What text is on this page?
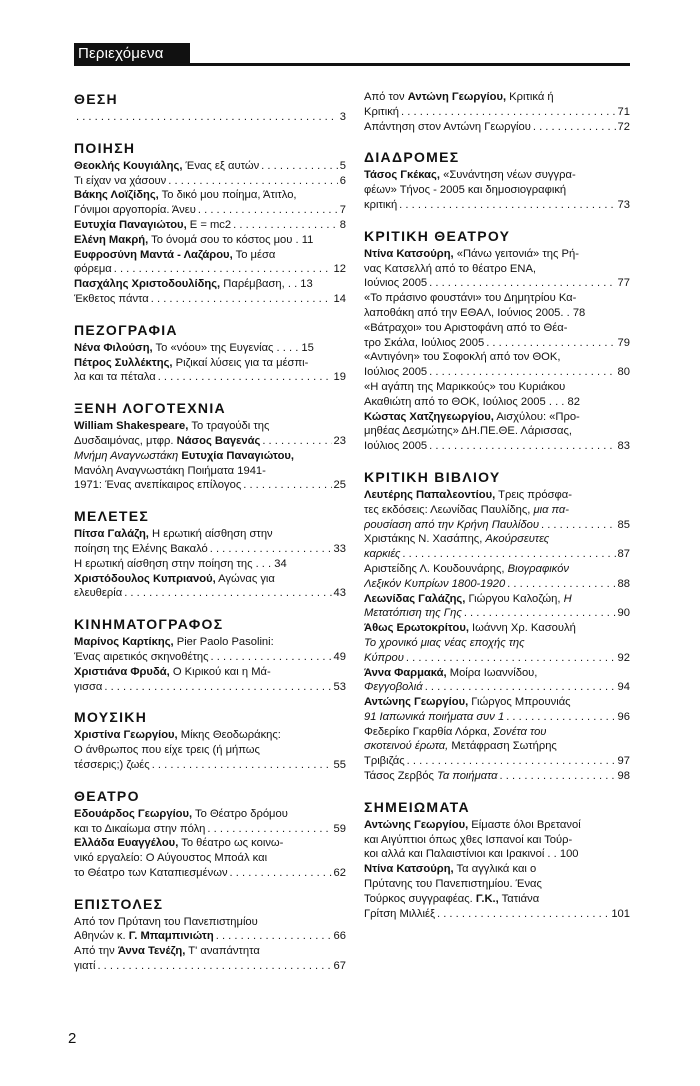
Περιεχόμενα
ΘΕΣΗ
. . .
3
ΠΟΙΗΣΗ
Θεοκλής Κουγιάλης, Ένας εξ αυτών . . .	5
Τι είχαν να χάσουν . . .	6
Βάκης Λοϊζίδης, Το δικό μου ποίημα, Άτιτλο,
Γόνιμοι αργοπορία. Άνευ . . .	7
Ευτυχία Παναγιώτου, E = mc2 . . .	8
Ελένη Μακρή, Το όνομά σου το κόστος μου . 11
Ευφροσύνη Μαντά - Λαζάρου, Το μέσα
φόρεμα . . .	12
Πασχάλης Χριστοδουλίδης, Παρέμβαση, . . 13
Έκθετος πάντα . . .	14
ΠΕΖΟΓΡΑΦΙΑ
Νένα Φιλούση, Το «νόου» της Ευγενίας . . . . 15
Πέτρος Συλλέκτης, Ριζικαί λύσεις για τα μέσπι-
λα και τα πέταλα . . .	19
ΞΕΝΗ ΛΟΓΟΤΕΧΝΙΑ
William Shakespeare, Το τραγούδι της
Δυσδαιμόνας, μτφρ. Νάσος Βαγενάς . . .	23
Μνήμη Αναγνωστάκη Ευτυχία Παναγιώτου,
Μανόλη Αναγνωστάκη Ποιήματα 1941-
1971: Ένας ανεπίκαιρος επίλογος . . .	25
ΜΕΛΕΤΕΣ
Πίτσα Γαλάζη, Η ερωτική αίσθηση στην
ποίηση της Ελένης Βακαλό . . .	33
Η ερωτική αίσθηση στην ποίηση της . . . 34
Χριστόδουλος Κυπριανού, Αγώνας για
ελευθερία . . .	43
ΚΙΝΗΜΑΤΟΓΡΑΦΟΣ
Μαρίνος Καρτίκης, Pier Paolo Pasolini:
Ένας αιρετικός σκηνοθέτης . . .	49
Χριστιάνα Φρυδά, Ο Κιρικού και η Μά-
γισσα . . .	53
ΜΟΥΣΙΚΗ
Χριστίνα Γεωργίου, Μίκης Θεοδωράκης:
Ο άνθρωπος που είχε τρεις (ή μήπως
τέσσερις;) ζωές . . .	55
ΘΕΑΤΡΟ
Εδουάρδος Γεωργίου, Το Θέατρο δρόμου
και το Δικαίωμα στην πόλη . . .	59
Ελλάδα Ευαγγέλου, Το θέατρο ως κοινω-
νικό εργαλείο: Ο Αύγουστος Μποάλ και
το Θέατρο των Καταπιεσμένων . . .	62
ΕΠΙΣΤΟΛΕΣ
Από τον Πρύτανη του Πανεπιστημίου
Αθηνών κ. Γ. Μπαμπινιώτη . . .	66
Από την Άννα Τενέζη, Τ' αναπάντητα
γιατί . . .	67
Από τον Αντώνη Γεωργίου, Κριτικά ή
Κριτική . . .	71
Απάντηση στον Αντώνη Γεωργίου . . .	72
ΔΙΑΔΡΟΜΕΣ
Τάσος Γκέκας, «Συνάντηση νέων συγγρα-
φέων» Τήνος - 2005 και δημοσιογραφική
κριτική . . .	73
ΚΡΙΤΙΚΗ ΘΕΑΤΡΟΥ
Ντίνα Κατσούρη, «Πάνω γειτονιά» της Ρή-
νας Κατσελλή από το θέατρο ΕΝΑ,
Ιούνιος 2005 . . .	77
«Το πράσινο φουστάνι» του Δημητρίου Κα-
λαποθάκη από την ΕΘΑΛ, Ιούνιος 2005. . 78
«Βάτραχοι» του Αριστοφάνη από το Θέα-
τρο Σκάλα, Ιούλιος 2005 . . .	79
«Αντιγόνη» του Σοφοκλή από τον ΘΟΚ,
Ιούλιος 2005 . . .	80
«Η αγάπη της Μαρικκούς» του Κυριάκου
Ακαθιώτη από το ΘΟΚ, Ιούλιος 2005 . . . 82
Κώστας Χατζηγεωργίου, Αισχύλου: «Προ-
μηθέας Δεσμώτης» ΔΗ.ΠΕ.ΘΕ. Λάρισσας,
Ιούλιος 2005 . . .	83
ΚΡΙΤΙΚΗ ΒΙΒΛΙΟΥ
Λευτέρης Παπαλεοντίου, Τρεις πρόσφα-
τες εκδόσεις: Λεωνίδας Παυλίδης, μια πα-
ρουσίαση από την Κρήνη Παυλίδου . . .	85
Χριστάκης Ν. Χασάπης, Ακούρσευτες
καρκιές . . .	87
Αριστείδης Λ. Κουδουνάρης, Βιογραφικόν
Λεξικόν Κυπρίων 1800-1920 . . .	88
Λεωνίδας Γαλάζης, Γιώργου Καλοζώη, Η
Μετατόπιση της Γης . . .	90
Άθως Ερωτοκρίτου, Ιωάννη Χρ. Κασουλή
Το χρονικό μιας νέας εποχής της
Κύπρου . . .	92
Άννα Φαρμακά, Μοίρα Ιωαννίδου,
Φεγγοβολιά . . .	94
Αντώνης Γεωργίου, Γιώργος Μπρουνιάς
91 Ιαπωνικά ποιήματα συν 1 . . .	96
Φεδερίκο Γκαρθία Λόρκα, Σονέτα του
σκοτεινού έρωτα, Μετάφραση Σωτήρης
Τριβιζάς . . .	97
Τάσος Ζερβός Τα ποιήματα . . .	98
ΣΗΜΕΙΩΜΑΤΑ
Αντώνης Γεωργίου, Είμαστε όλοι Βρετανοί
και Αιγύπτιοι όπως χθες Ισπανοί και Τούρ-
κοι αλλά και Παλαιστίνιοι και Ιρακινοί . . 100
Ντίνα Κατσούρη, Τα αγγλικά και ο
Πρύτανης του Πανεπιστημίου. Ένας
Τούρκος συγγραφέας. Γ.Κ., Τατιάνα
Γρίτση Μιλλιέξ . . .	101
2
